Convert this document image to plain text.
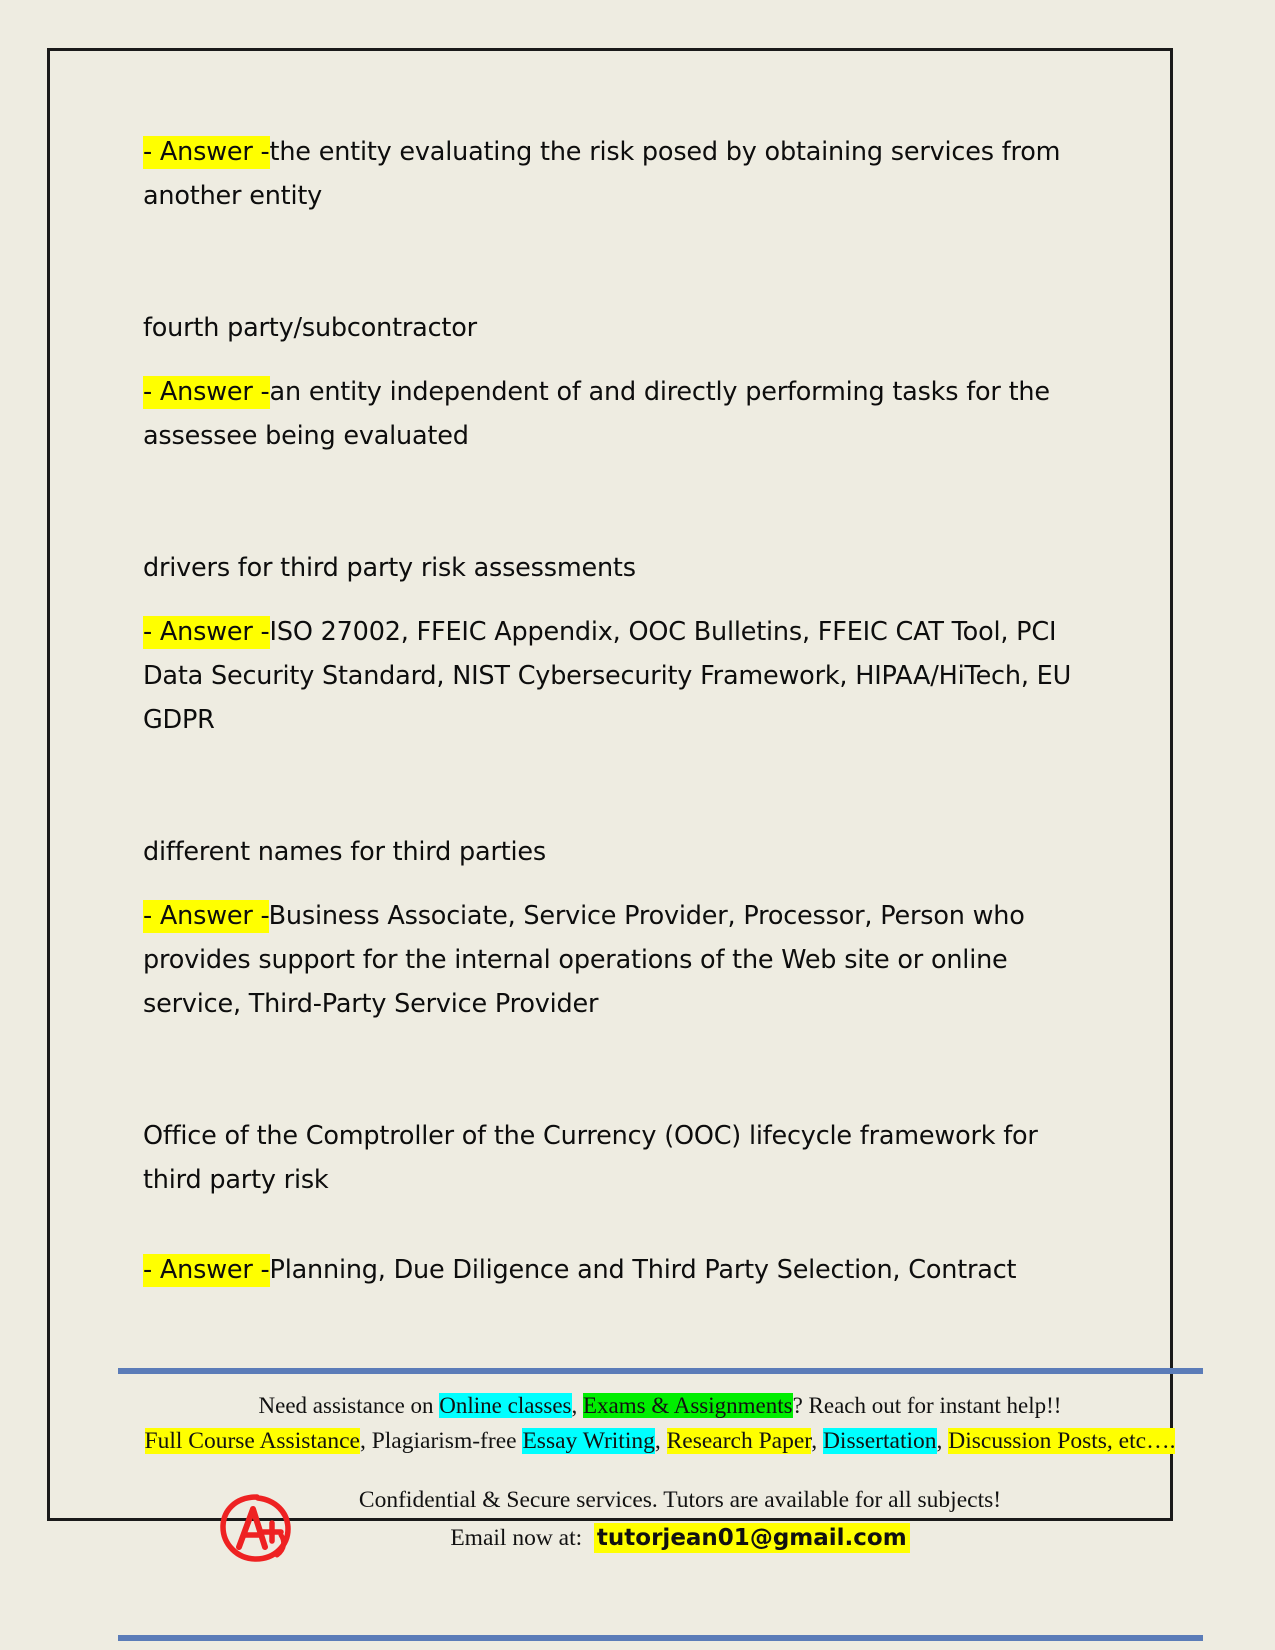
- Answer -the entity evaluating the risk posed by obtaining services from another entity

fourth party/subcontractor

- Answer -an entity independent of and directly performing tasks for the assessee being evaluated

drivers for third party risk assessments

- Answer -ISO 27002, FFEIC Appendix, OOC Bulletins, FFEIC CAT Tool, PCI Data Security Standard, NIST Cybersecurity Framework, HIPAA/HiTech, EU GDPR

different names for third parties

- Answer -Business Associate, Service Provider, Processor, Person who provides support for the internal operations of the Web site or online service, Third-Party Service Provider

Office of the Comptroller of the Currency (OOC) lifecycle framework for third party risk

- Answer -Planning, Due Diligence and Third Party Selection, Contract

Need assistance on Online classes, Exams & Assignments? Reach out for instant help!!
Full Course Assistance, Plagiarism-free Essay Writing, Research Paper, Dissertation, Discussion Posts, etc….
Confidential & Secure services. Tutors are available for all subjects!
Email now at: tutorjean01@gmail.com
